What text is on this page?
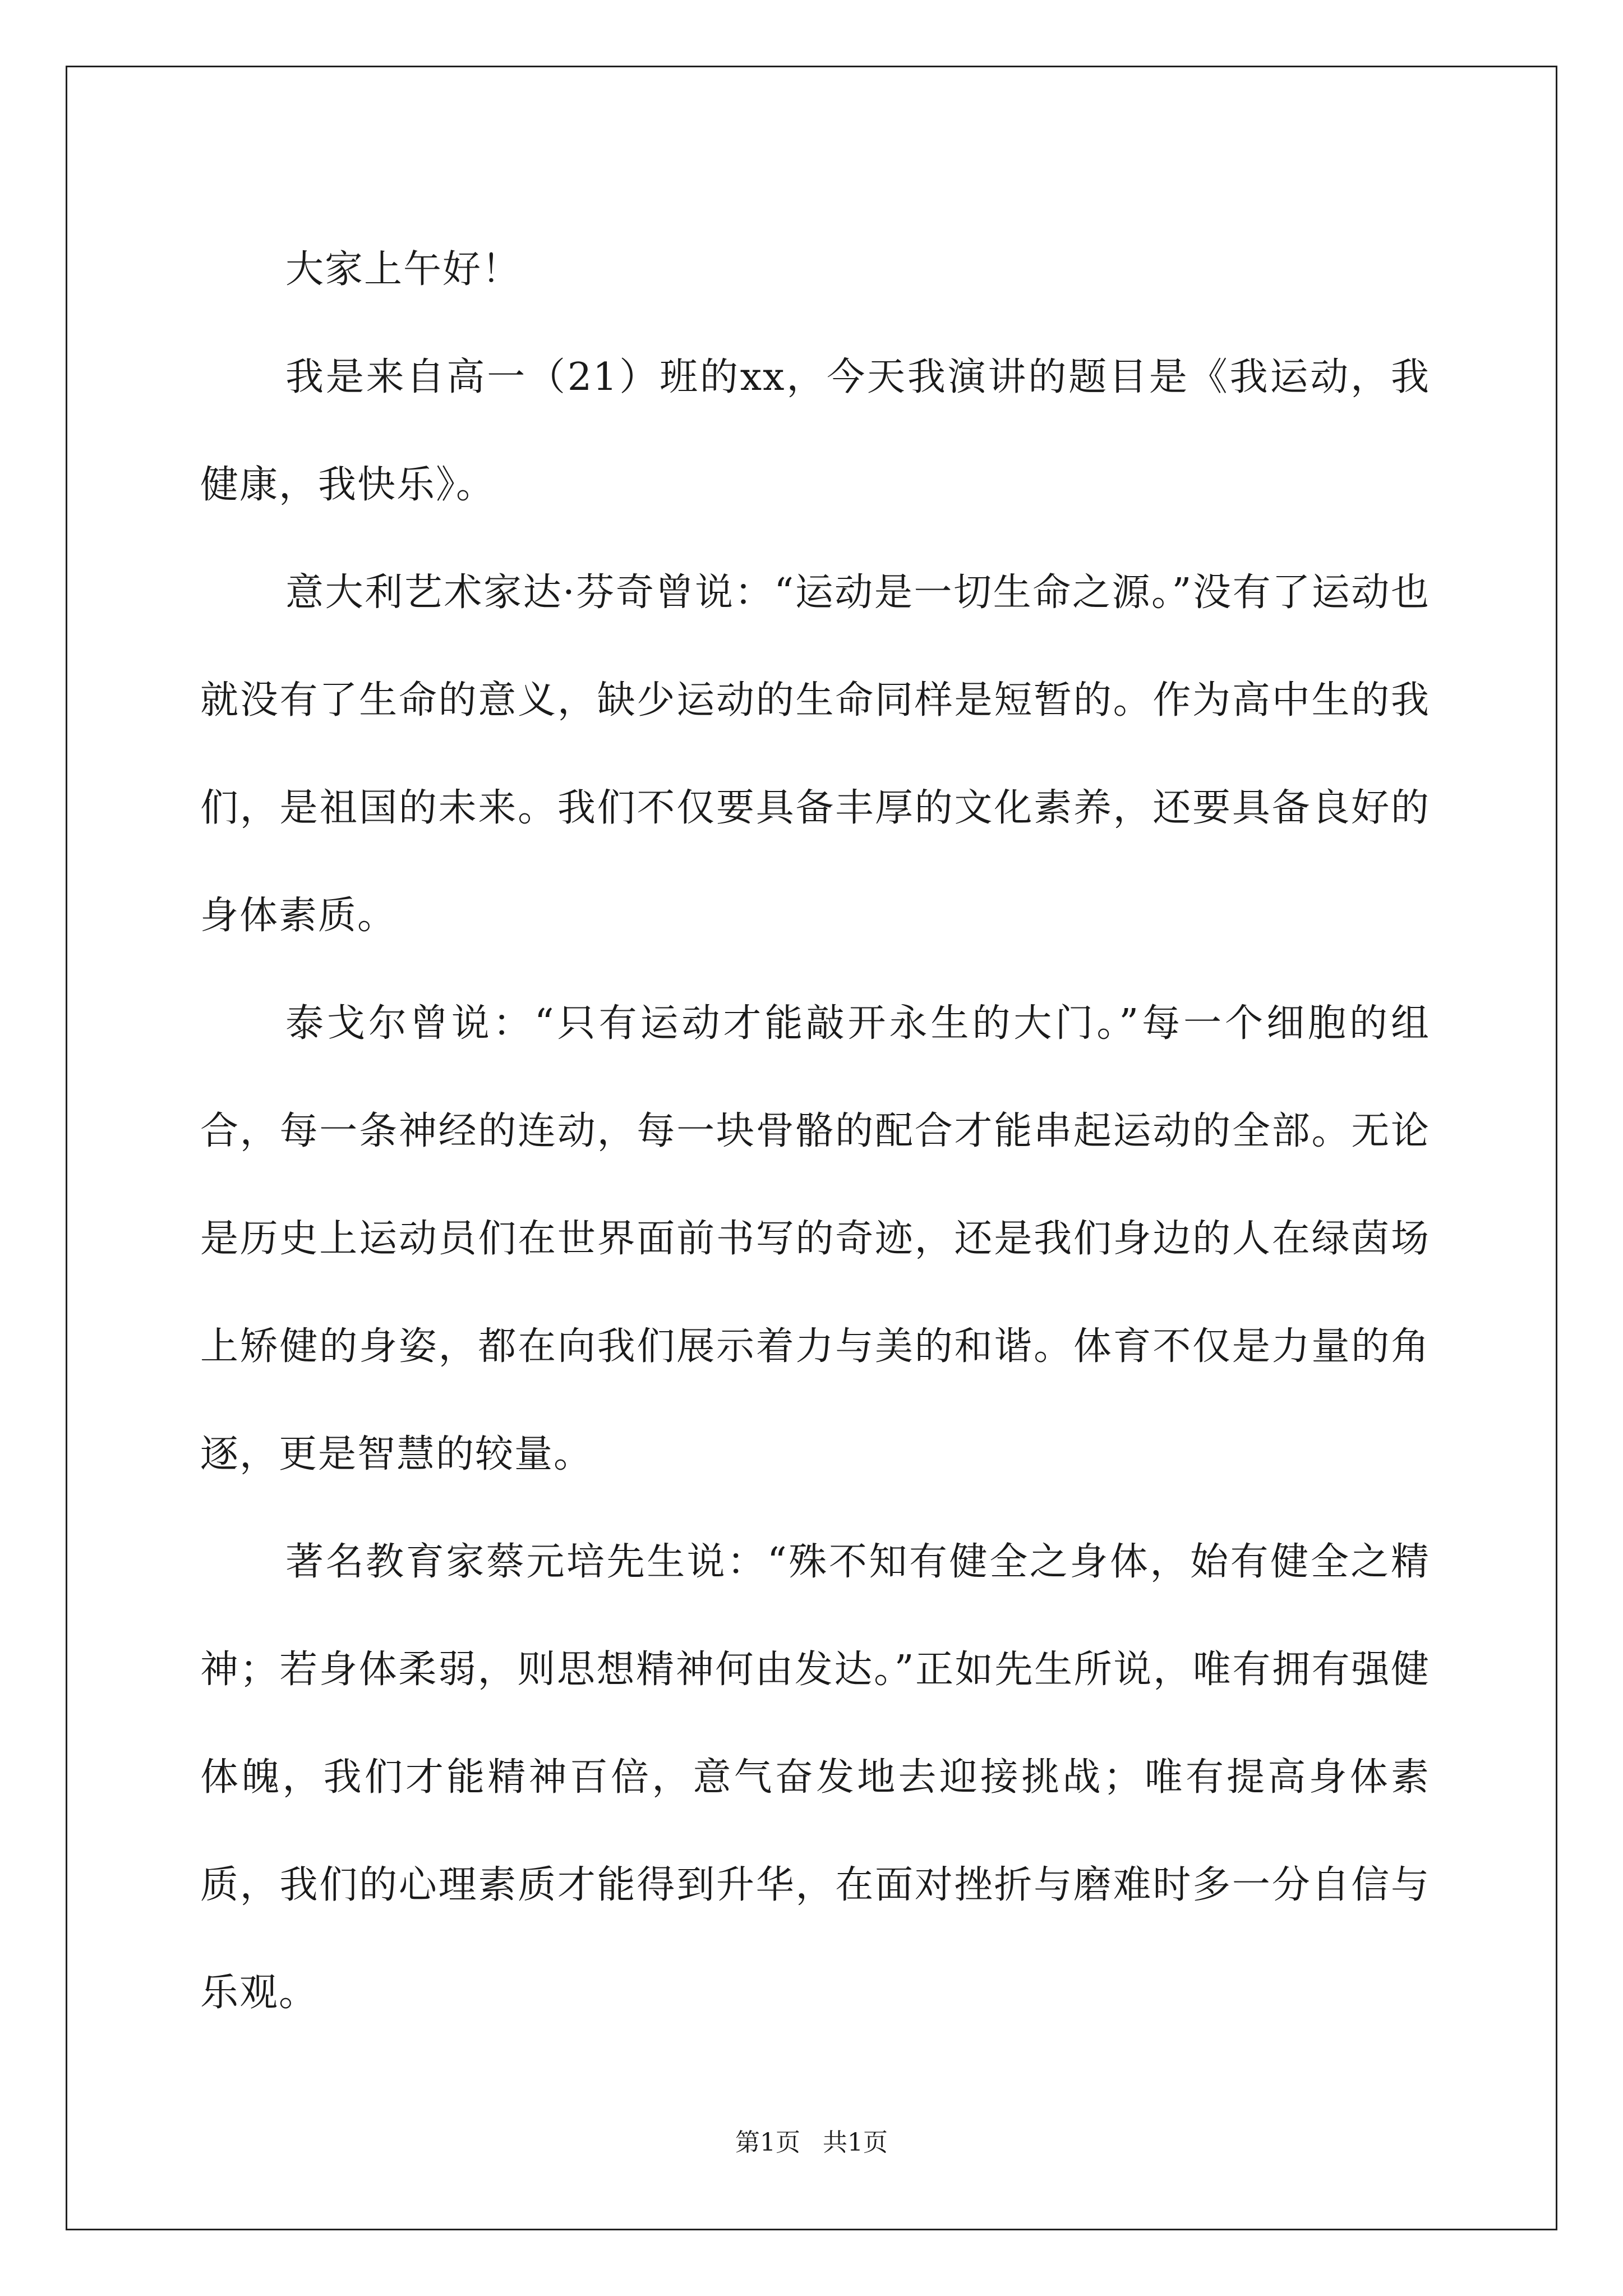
大家上午好！

我是来自高一（21）班的xx，今天我演讲的题目是《我运动，我健康，我快乐》。

意大利艺术家达·芬奇曾说：“运动是一切生命之源。”没有了运动也就没有了生命的意义，缺少运动的生命同样是短暂的。作为高中生的我们，是祖国的未来。我们不仅要具备丰厚的文化素养，还要具备良好的身体素质。

泰戈尔曾说：“只有运动才能敲开永生的大门。”每一个细胞的组合，每一条神经的连动，每一块骨骼的配合才能串起运动的全部。无论是历史上运动员们在世界面前书写的奇迹，还是我们身边的人在绿茵场上矫健的身姿，都在向我们展示着力与美的和谐。体育不仅是力量的角逐，更是智慧的较量。

著名教育家蔡元培先生说：“殊不知有健全之身体，始有健全之精神；若身体柔弱，则思想精神何由发达。”正如先生所说，唯有拥有强健体魄，我们才能精神百倍，意气奋发地去迎接挑战；唯有提高身体素质，我们的心理素质才能得到升华，在面对挫折与磨难时多一分自信与乐观。

第1页 共1页
